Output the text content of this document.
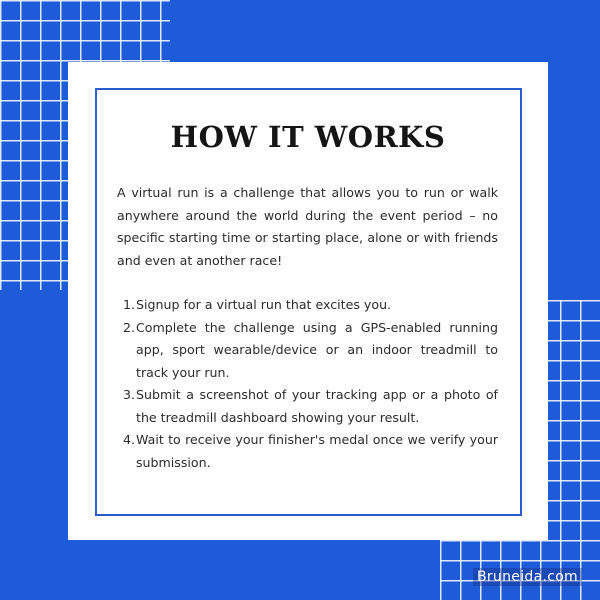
HOW IT WORKS

A virtual run is a challenge that allows you to run or walk anywhere around the world during the event period – no specific starting time or starting place, alone or with friends and even at another race!

1. Signup for a virtual run that excites you.
2. Complete the challenge using a GPS-enabled running app, sport wearable/device or an indoor treadmill to track your run.
3. Submit a screenshot of your tracking app or a photo of the treadmill dashboard showing your result.
4. Wait to receive your finisher's medal once we verify your submission.
Bruneida.com
